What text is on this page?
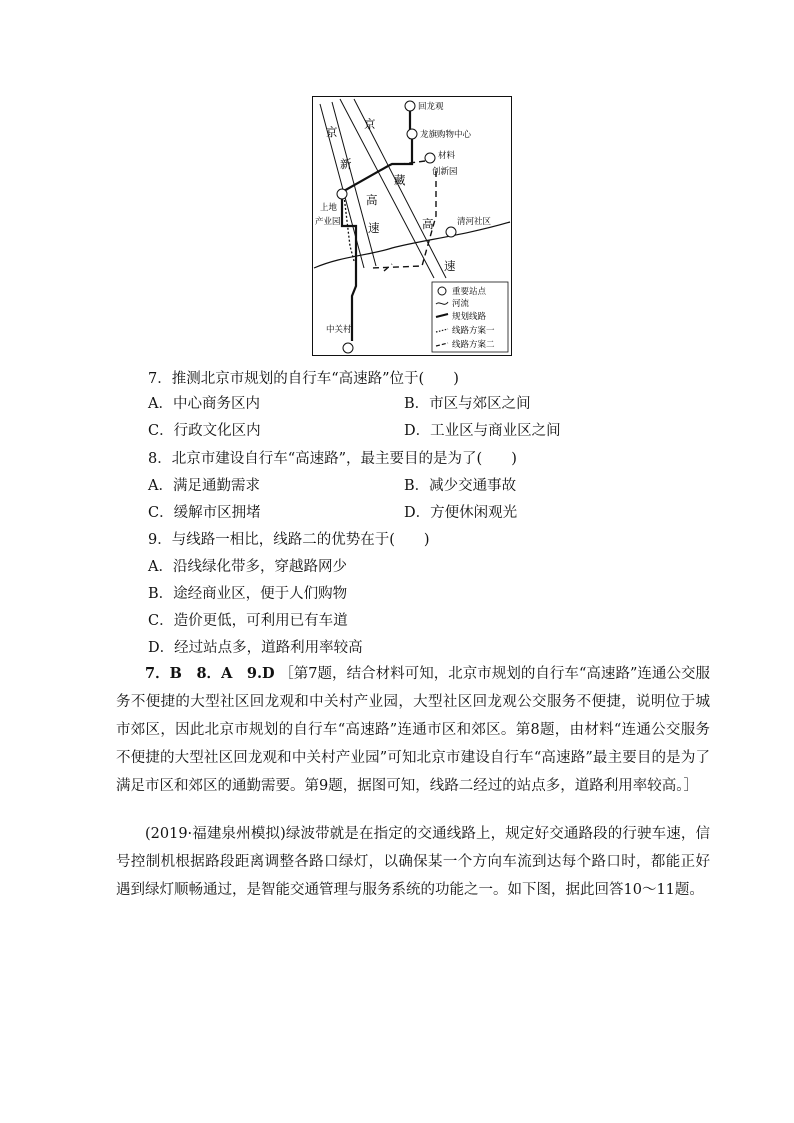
回龙观
龙旗购物中心
材料
创新园
上地
产业园	清河社区
中关村
京
新
高
速
京
藏
高
速
重要站点
河流
规划线路
线路方案一
线路方案二
7．推测北京市规划的自行车“高速路”位于(　　)
A．中心商务区内	B．市区与郊区之间
C．行政文化区内	D．工业区与商业区之间
8．北京市建设自行车“高速路”，最主要目的是为了(　　)
A．满足通勤需求	B．减少交通事故
C．缓解市区拥堵	D．方便休闲观光
9．与线路一相比，线路二的优势在于(　　)
A．沿线绿化带多，穿越路网少
B．途经商业区，便于人们购物
C．造价更低，可利用已有车道
D．经过站点多，道路利用率较高
7．B　8．A　9.D ［第7题，结合材料可知，北京市规划的自行车“高速路”连通公交服务不便捷的大型社区回龙观和中关村产业园，大型社区回龙观公交服务不便捷，说明位于城市郊区，因此北京市规划的自行车“高速路”连通市区和郊区。第8题，由材料“连通公交服务不便捷的大型社区回龙观和中关村产业园”可知北京市建设自行车“高速路”最主要目的是为了满足市区和郊区的通勤需要。第9题，据图可知，线路二经过的站点多，道路利用率较高。］
(2019·福建泉州模拟)绿波带就是在指定的交通线路上，规定好交通路段的行驶车速，信号控制机根据路段距离调整各路口绿灯，以确保某一个方向车流到达每个路口时，都能正好遇到绿灯顺畅通过，是智能交通管理与服务系统的功能之一。如下图，据此回答10～11题。
